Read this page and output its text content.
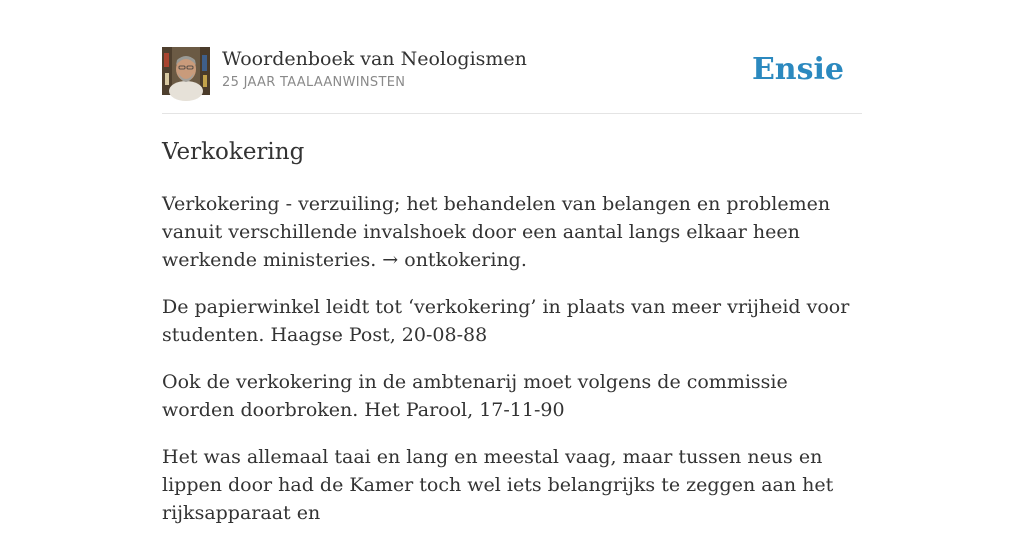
Woordenboek van Neologismen
25 JAAR TAALAANWINSTEN	Ensie
Verkokering

Verkokering - verzuiling; het behandelen van belangen en problemen vanuit verschillende invalshoek door een aantal langs elkaar heen werkende ministeries. → ontkokering.

De papierwinkel leidt tot ‘verkokering’ in plaats van meer vrijheid voor studenten. Haagse Post, 20-08-88

Ook de verkokering in de ambtenarij moet volgens de commissie worden doorbroken. Het Parool, 17-11-90

Het was allemaal taai en lang en meestal vaag, maar tussen neus en lippen door had de Kamer toch wel iets belangrijks te zeggen aan het rijksapparaat en
